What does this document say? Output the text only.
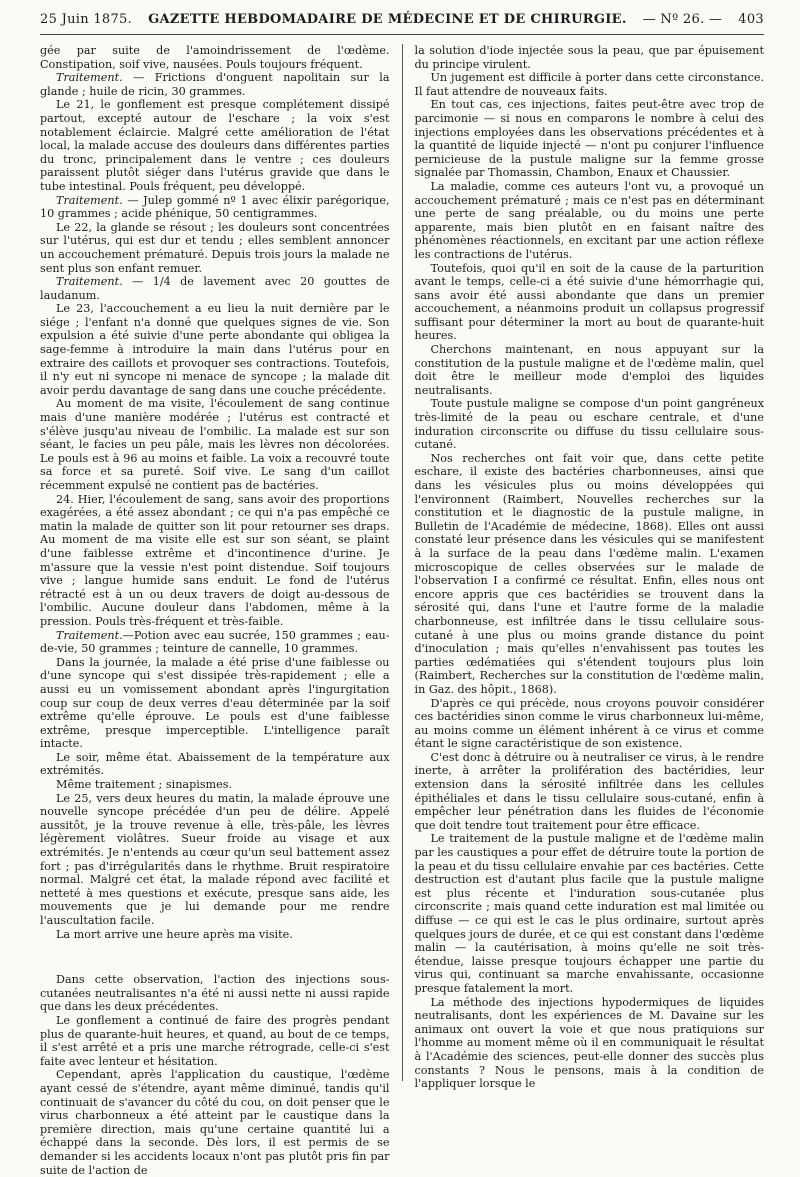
25 Juin 1875. GAZETTE HEBDOMADAIRE DE MÉDECINE ET DE CHIRURGIE. — Nº 26. — 403

gée par suite de l'amoindrissement de l'œdème. Constipation, soif vive, nausées. Pouls toujours fréquent.

Traitement. — Frictions d'onguent napolitain sur la glande ; huile de ricin, 30 grammes.

Le 21, le gonflement est presque complétement dissipé partout, excepté autour de l'eschare ; la voix s'est notablement éclaircie. Malgré cette amélioration de l'état local, la malade accuse des douleurs dans différentes parties du tronc, principalement dans le ventre ; ces douleurs paraissent plutôt siéger dans l'utérus gravide que dans le tube intestinal. Pouls fréquent, peu développé.

Traitement. — Julep gommé nº 1 avec élixir parégorique, 10 grammes ; acide phénique, 50 centigrammes.

Le 22, la glande se résout ; les douleurs sont concentrées sur l'utérus, qui est dur et tendu ; elles semblent annoncer un accouchement prématuré. Depuis trois jours la malade ne sent plus son enfant remuer.

Traitement. — 1/4 de lavement avec 20 gouttes de laudanum.

Le 23, l'accouchement a eu lieu la nuit dernière par le siége ; l'enfant n'a donné que quelques signes de vie. Son expulsion a été suivie d'une perte abondante qui obligea la sage-femme à introduire la main dans l'utérus pour en extraire des caillots et provoquer ses contractions. Toutefois, il n'y eut ni syncope ni menace de syncope ; la malade dit avoir perdu davantage de sang dans une couche précédente.

Au moment de ma visite, l'écoulement de sang continue mais d'une manière modérée ; l'utérus est contracté et s'élève jusqu'au niveau de l'ombilic. La malade est sur son séant, le facies un peu pâle, mais les lèvres non décolorées. Le pouls est à 96 au moins et faible. La voix a recouvré toute sa force et sa pureté. Soif vive. Le sang d'un caillot récemment expulsé ne contient pas de bactéries.

24. Hier, l'écoulement de sang, sans avoir des proportions exagérées, a été assez abondant ; ce qui n'a pas empêché ce matin la malade de quitter son lit pour retourner ses draps. Au moment de ma visite elle est sur son séant, se plaint d'une faiblesse extrême et d'incontinence d'urine. Je m'assure que la vessie n'est point distendue. Soif toujours vive ; langue humide sans enduit. Le fond de l'utérus rétracté est à un ou deux travers de doigt au-dessous de l'ombilic. Aucune douleur dans l'abdomen, même à la pression. Pouls très-fréquent et très-faible.

Traitement.—Potion avec eau sucrée, 150 grammes ; eau-de-vie, 50 grammes ; teinture de cannelle, 10 grammes.

Dans la journée, la malade a été prise d'une faiblesse ou d'une syncope qui s'est dissipée très-rapidement ; elle a aussi eu un vomissement abondant après l'ingurgitation coup sur coup de deux verres d'eau déterminée par la soif extrême qu'elle éprouve. Le pouls est d'une faiblesse extrême, presque imperceptible. L'intelligence paraît intacte.

Le soir, même état. Abaissement de la température aux extrémités.

Même traitement ; sinapismes.

Le 25, vers deux heures du matin, la malade éprouve une nouvelle syncope précédée d'un peu de délire. Appelé aussitôt, je la trouve revenue à elle, très-pâle, les lèvres légèrement violâtres. Sueur froide au visage et aux extrémités. Je n'entends au cœur qu'un seul battement assez fort ; pas d'irrégularités dans le rhythme. Bruit respiratoire normal. Malgré cet état, la malade répond avec facilité et netteté à mes questions et exécute, presque sans aide, les mouvements que je lui demande pour me rendre l'auscultation facile.

La mort arrive une heure après ma visite.

Dans cette observation, l'action des injections sous-cutanées neutralisantes n'a été ni aussi nette ni aussi rapide que dans les deux précédentes.

Le gonflement a continué de faire des progrès pendant plus de quarante-huit heures, et quand, au bout de ce temps, il s'est arrêté et a pris une marche rétrograde, celle-ci s'est faite avec lenteur et hésitation.

Cependant, après l'application du caustique, l'œdème ayant cessé de s'étendre, ayant même diminué, tandis qu'il continuait de s'avancer du côté du cou, on doit penser que le virus charbonneux a été atteint par le caustique dans la première direction, mais qu'une certaine quantité lui a échappé dans la seconde. Dès lors, il est permis de se demander si les accidents locaux n'ont pas plutôt pris fin par suite de l'action de

la solution d'iode injectée sous la peau, que par épuisement du principe virulent.

Un jugement est difficile à porter dans cette circonstance. Il faut attendre de nouveaux faits.

En tout cas, ces injections, faites peut-être avec trop de parcimonie — si nous en comparons le nombre à celui des injections employées dans les observations précédentes et à la quantité de liquide injecté — n'ont pu conjurer l'influence pernicieuse de la pustule maligne sur la femme grosse signalée par Thomassin, Chambon, Enaux et Chaussier.

La maladie, comme ces auteurs l'ont vu, a provoqué un accouchement prématuré ; mais ce n'est pas en déterminant une perte de sang préalable, ou du moins une perte apparente, mais bien plutôt en en faisant naître des phénomènes réactionnels, en excitant par une action réflexe les contractions de l'utérus.

Toutefois, quoi qu'il en soit de la cause de la parturition avant le temps, celle-ci a été suivie d'une hémorrhagie qui, sans avoir été aussi abondante que dans un premier accouchement, a néanmoins produit un collapsus progressif suffisant pour déterminer la mort au bout de quarante-huit heures.

Cherchons maintenant, en nous appuyant sur la constitution de la pustule maligne et de l'œdème malin, quel doit être le meilleur mode d'emploi des liquides neutralisants.

Toute pustule maligne se compose d'un point gangréneux très-limité de la peau ou eschare centrale, et d'une induration circonscrite ou diffuse du tissu cellulaire sous-cutané.

Nos recherches ont fait voir que, dans cette petite eschare, il existe des bactéries charbonneuses, ainsi que dans les vésicules plus ou moins développées qui l'environnent (Raimbert, Nouvelles recherches sur la constitution et le diagnostic de la pustule maligne, in Bulletin de l'Académie de médecine, 1868). Elles ont aussi constaté leur présence dans les vésicules qui se manifestent à la surface de la peau dans l'œdème malin. L'examen microscopique de celles observées sur le malade de l'observation I a confirmé ce résultat. Enfin, elles nous ont encore appris que ces bactéridies se trouvent dans la sérosité qui, dans l'une et l'autre forme de la maladie charbonneuse, est infiltrée dans le tissu cellulaire sous-cutané à une plus ou moins grande distance du point d'inoculation ; mais qu'elles n'envahissent pas toutes les parties œdématiées qui s'étendent toujours plus loin (Raimbert, Recherches sur la constitution de l'œdème malin, in Gaz. des hôpit., 1868).

D'après ce qui précède, nous croyons pouvoir considérer ces bactéridies sinon comme le virus charbonneux lui-même, au moins comme un élément inhérent à ce virus et comme étant le signe caractéristique de son existence.

C'est donc à détruire ou à neutraliser ce virus, à le rendre inerte, à arrêter la prolifération des bactéridies, leur extension dans la sérosité infiltrée dans les cellules épithéliales et dans le tissu cellulaire sous-cutané, enfin à empêcher leur pénétration dans les fluides de l'économie que doit tendre tout traitement pour être efficace.

Le traitement de la pustule maligne et de l'œdème malin par les caustiques a pour effet de détruire toute la portion de la peau et du tissu cellulaire envahie par ces bactéries. Cette destruction est d'autant plus facile que la pustule maligne est plus récente et l'induration sous-cutanée plus circonscrite ; mais quand cette induration est mal limitée ou diffuse — ce qui est le cas le plus ordinaire, surtout après quelques jours de durée, et ce qui est constant dans l'œdème malin — la cautérisation, à moins qu'elle ne soit très-étendue, laisse presque toujours échapper une partie du virus qui, continuant sa marche envahissante, occasionne presque fatalement la mort.

La méthode des injections hypodermiques de liquides neutralisants, dont les expériences de M. Davaine sur les animaux ont ouvert la voie et que nous pratiquions sur l'homme au moment même où il en communiquait le résultat à l'Académie des sciences, peut-elle donner des succès plus constants ? Nous le pensons, mais à la condition de l'appliquer lorsque le
